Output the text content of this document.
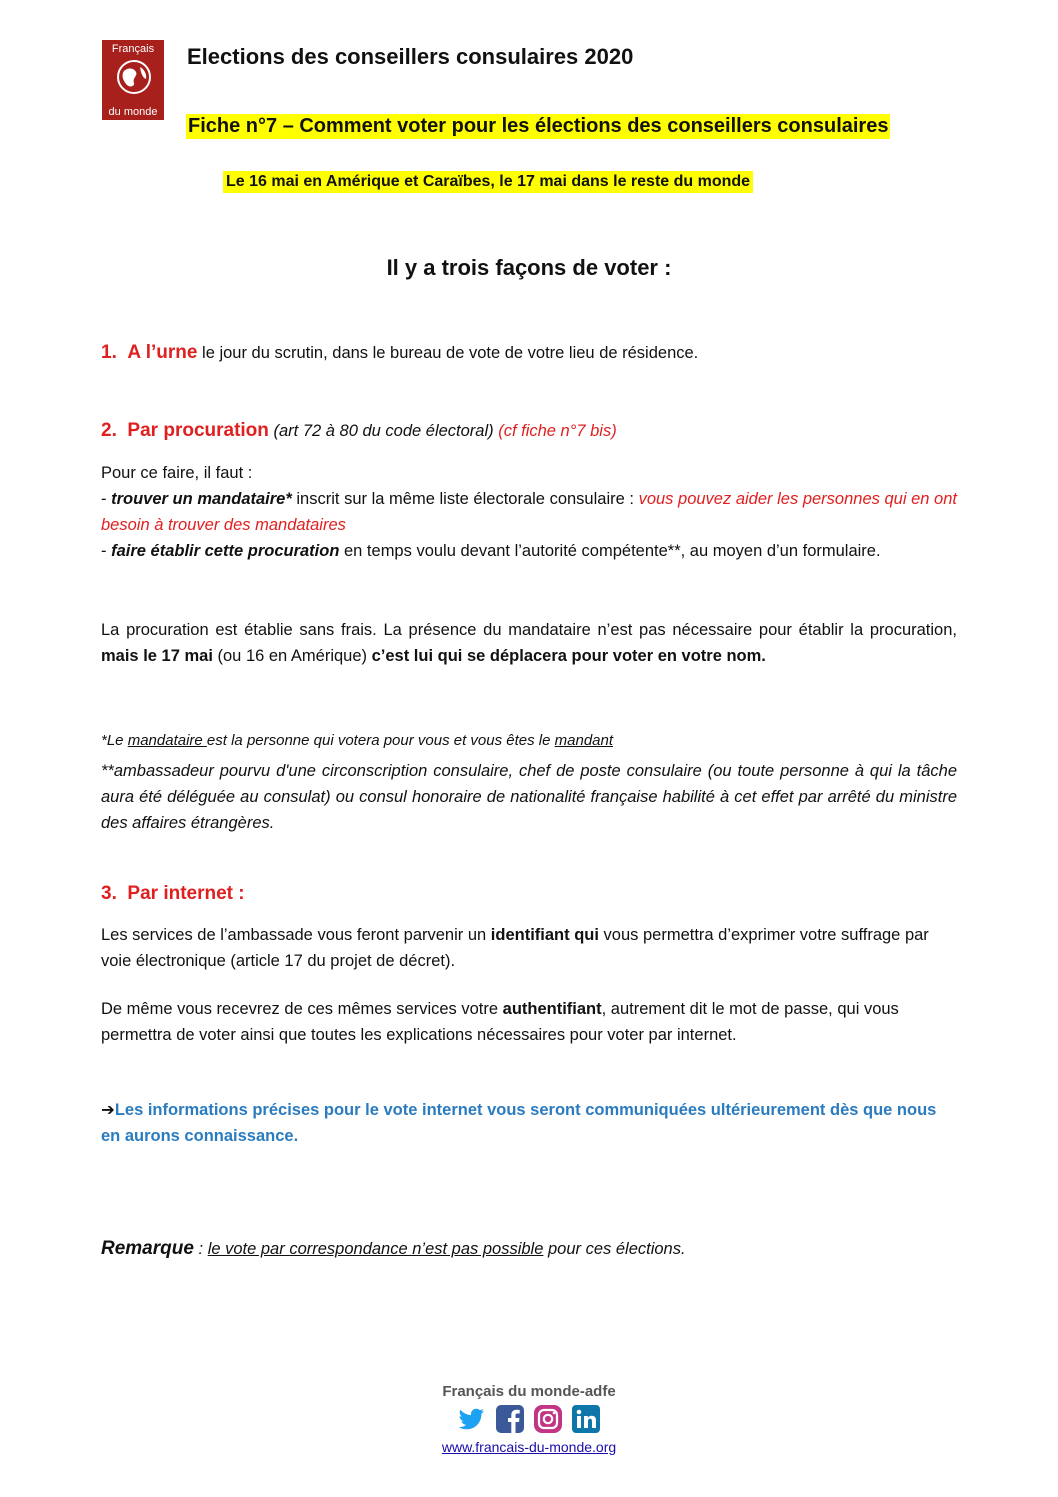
Français
du monde
Elections des conseillers consulaires 2020
Fiche n°7 – Comment voter pour les élections des conseillers consulaires
Le 16 mai en Amérique et Caraïbes, le 17 mai dans le reste du monde
Il y a trois façons de voter :
1. A l’urne le jour du scrutin, dans le bureau de vote de votre lieu de résidence.
2. Par procuration (art 72 à 80 du code électoral) (cf fiche n°7 bis)
Pour ce faire, il faut :
- trouver un mandataire* inscrit sur la même liste électorale consulaire : vous pouvez aider les personnes qui en ont besoin à trouver des mandataires
- faire établir cette procuration en temps voulu devant l’autorité compétente**, au moyen d’un formulaire.
La procuration est établie sans frais. La présence du mandataire n’est pas nécessaire pour établir la procuration, mais le 17 mai (ou 16 en Amérique) c’est lui qui se déplacera pour voter en votre nom.
*Le mandataire est la personne qui votera pour vous et vous êtes le mandant
**ambassadeur pourvu d'une circonscription consulaire, chef de poste consulaire (ou toute personne à qui la tâche aura été déléguée au consulat) ou consul honoraire de nationalité française habilité à cet effet par arrêté du ministre des affaires étrangères.
3. Par internet :
Les services de l’ambassade vous feront parvenir un identifiant qui vous permettra d’exprimer votre suffrage par voie électronique (article 17 du projet de décret).
De même vous recevrez de ces mêmes services votre authentifiant, autrement dit le mot de passe, qui vous permettra de voter ainsi que toutes les explications nécessaires pour voter par internet.
➔Les informations précises pour le vote internet vous seront communiquées ultérieurement dès que nous en aurons connaissance.
Remarque : le vote par correspondance n’est pas possible pour ces élections.
Français du monde-adfe
www.francais-du-monde.org
